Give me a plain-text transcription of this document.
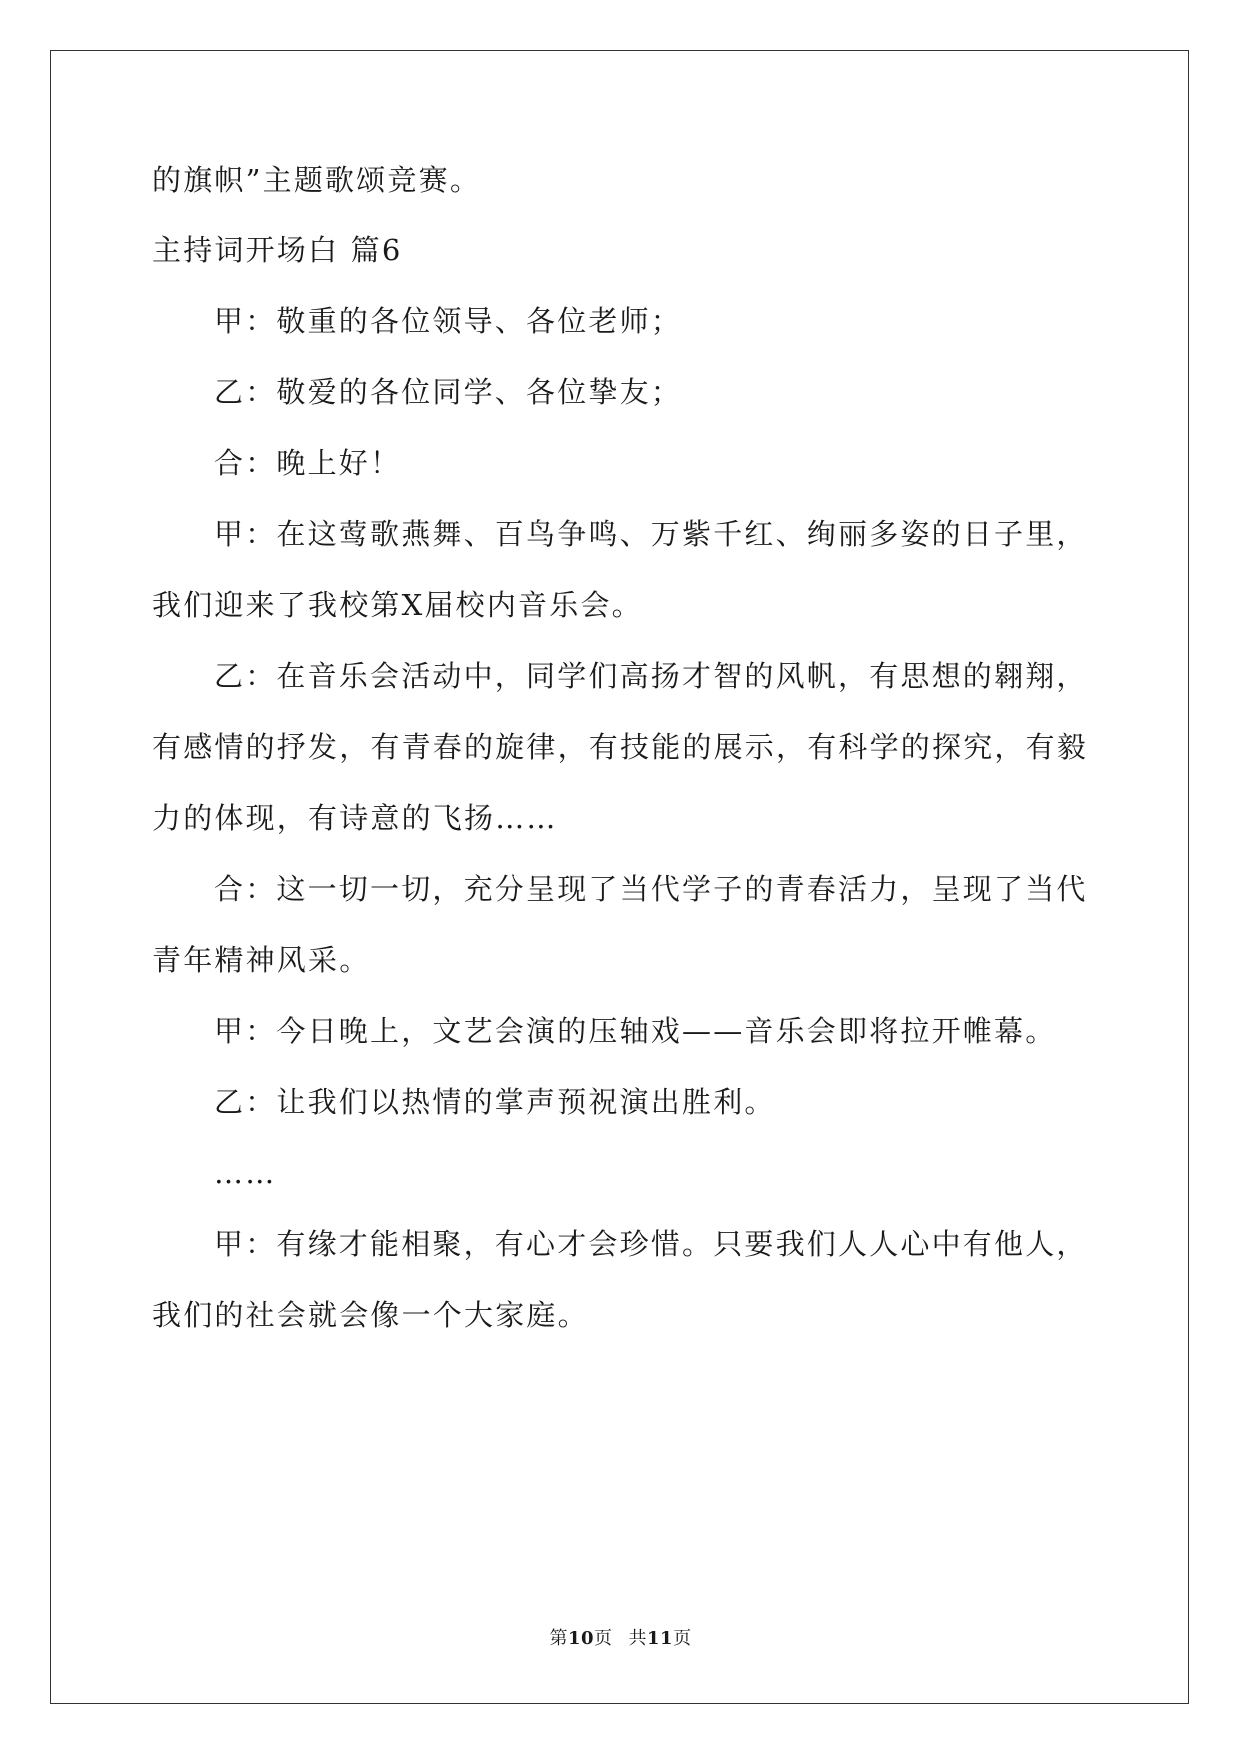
的旗帜”主题歌颂竞赛。
主持词开场白 篇6
甲：敬重的各位领导、各位老师；
乙：敬爱的各位同学、各位挚友；
合：晚上好！
甲：在这莺歌燕舞、百鸟争鸣、万紫千红、绚丽多姿的日子里，
我们迎来了我校第X届校内音乐会。
乙：在音乐会活动中，同学们高扬才智的风帆，有思想的翱翔，
有感情的抒发，有青春的旋律，有技能的展示，有科学的探究，有毅
力的体现，有诗意的飞扬……
合：这一切一切，充分呈现了当代学子的青春活力，呈现了当代
青年精神风采。
甲：今日晚上，文艺会演的压轴戏——音乐会即将拉开帷幕。
乙：让我们以热情的掌声预祝演出胜利。
……
甲：有缘才能相聚，有心才会珍惜。只要我们人人心中有他人，
我们的社会就会像一个大家庭。
第10页 共11页
